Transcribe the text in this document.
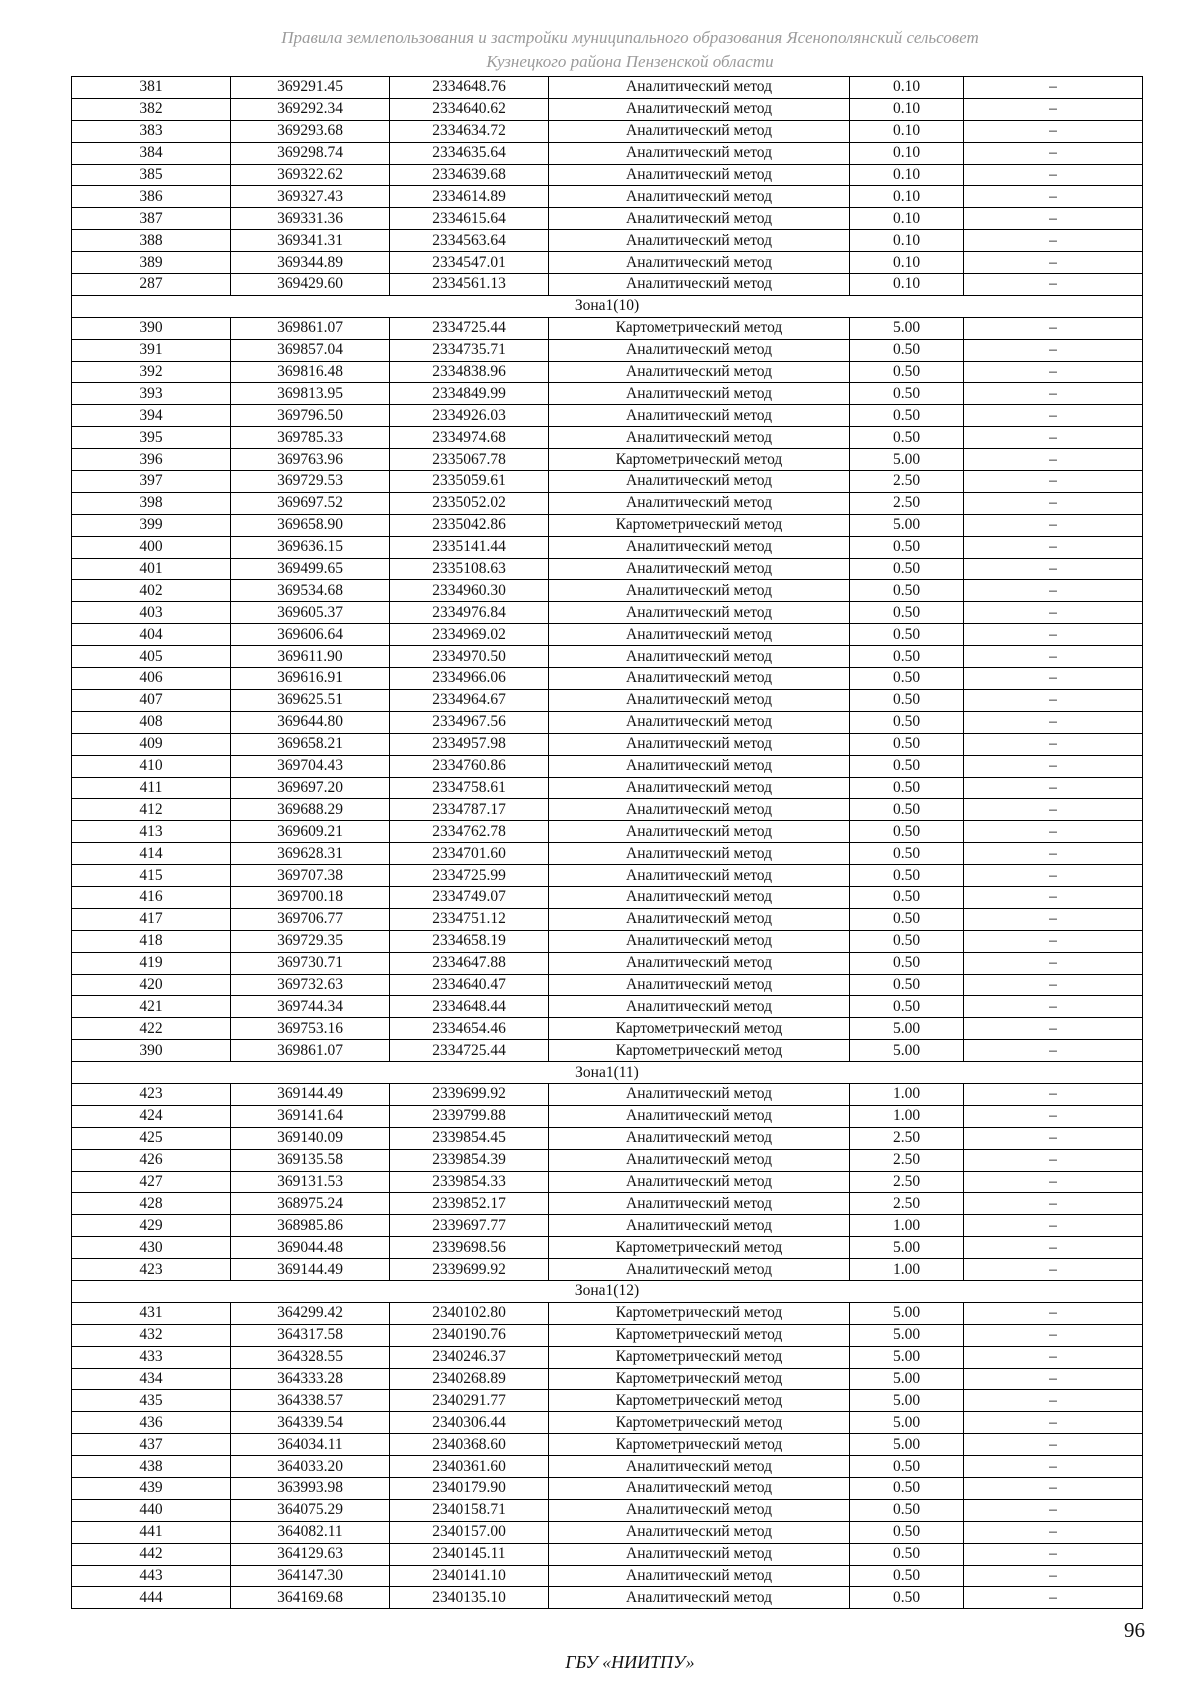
Правила землепользования и застройки муниципального образования Ясенополянский сельсовет
Кузнецкого района Пензенской области
381	369291.45	2334648.76	Аналитический метод	0.10	–
382	369292.34	2334640.62	Аналитический метод	0.10	–
383	369293.68	2334634.72	Аналитический метод	0.10	–
384	369298.74	2334635.64	Аналитический метод	0.10	–
385	369322.62	2334639.68	Аналитический метод	0.10	–
386	369327.43	2334614.89	Аналитический метод	0.10	–
387	369331.36	2334615.64	Аналитический метод	0.10	–
388	369341.31	2334563.64	Аналитический метод	0.10	–
389	369344.89	2334547.01	Аналитический метод	0.10	–
287	369429.60	2334561.13	Аналитический метод	0.10	–
Зона1(10)					
390	369861.07	2334725.44	Картометрический метод	5.00	–
391	369857.04	2334735.71	Аналитический метод	0.50	–
392	369816.48	2334838.96	Аналитический метод	0.50	–
393	369813.95	2334849.99	Аналитический метод	0.50	–
394	369796.50	2334926.03	Аналитический метод	0.50	–
395	369785.33	2334974.68	Аналитический метод	0.50	–
396	369763.96	2335067.78	Картометрический метод	5.00	–
397	369729.53	2335059.61	Аналитический метод	2.50	–
398	369697.52	2335052.02	Аналитический метод	2.50	–
399	369658.90	2335042.86	Картометрический метод	5.00	–
400	369636.15	2335141.44	Аналитический метод	0.50	–
401	369499.65	2335108.63	Аналитический метод	0.50	–
402	369534.68	2334960.30	Аналитический метод	0.50	–
403	369605.37	2334976.84	Аналитический метод	0.50	–
404	369606.64	2334969.02	Аналитический метод	0.50	–
405	369611.90	2334970.50	Аналитический метод	0.50	–
406	369616.91	2334966.06	Аналитический метод	0.50	–
407	369625.51	2334964.67	Аналитический метод	0.50	–
408	369644.80	2334967.56	Аналитический метод	0.50	–
409	369658.21	2334957.98	Аналитический метод	0.50	–
410	369704.43	2334760.86	Аналитический метод	0.50	–
411	369697.20	2334758.61	Аналитический метод	0.50	–
412	369688.29	2334787.17	Аналитический метод	0.50	–
413	369609.21	2334762.78	Аналитический метод	0.50	–
414	369628.31	2334701.60	Аналитический метод	0.50	–
415	369707.38	2334725.99	Аналитический метод	0.50	–
416	369700.18	2334749.07	Аналитический метод	0.50	–
417	369706.77	2334751.12	Аналитический метод	0.50	–
418	369729.35	2334658.19	Аналитический метод	0.50	–
419	369730.71	2334647.88	Аналитический метод	0.50	–
420	369732.63	2334640.47	Аналитический метод	0.50	–
421	369744.34	2334648.44	Аналитический метод	0.50	–
422	369753.16	2334654.46	Картометрический метод	5.00	–
390	369861.07	2334725.44	Картометрический метод	5.00	–
Зона1(11)					
423	369144.49	2339699.92	Аналитический метод	1.00	–
424	369141.64	2339799.88	Аналитический метод	1.00	–
425	369140.09	2339854.45	Аналитический метод	2.50	–
426	369135.58	2339854.39	Аналитический метод	2.50	–
427	369131.53	2339854.33	Аналитический метод	2.50	–
428	368975.24	2339852.17	Аналитический метод	2.50	–
429	368985.86	2339697.77	Аналитический метод	1.00	–
430	369044.48	2339698.56	Картометрический метод	5.00	–
423	369144.49	2339699.92	Аналитический метод	1.00	–
Зона1(12)					
431	364299.42	2340102.80	Картометрический метод	5.00	–
432	364317.58	2340190.76	Картометрический метод	5.00	–
433	364328.55	2340246.37	Картометрический метод	5.00	–
434	364333.28	2340268.89	Картометрический метод	5.00	–
435	364338.57	2340291.77	Картометрический метод	5.00	–
436	364339.54	2340306.44	Картометрический метод	5.00	–
437	364034.11	2340368.60	Картометрический метод	5.00	–
438	364033.20	2340361.60	Аналитический метод	0.50	–
439	363993.98	2340179.90	Аналитический метод	0.50	–
440	364075.29	2340158.71	Аналитический метод	0.50	–
441	364082.11	2340157.00	Аналитический метод	0.50	–
442	364129.63	2340145.11	Аналитический метод	0.50	–
443	364147.30	2340141.10	Аналитический метод	0.50	–
444	364169.68	2340135.10	Аналитический метод	0.50	–
96
ГБУ «НИИТПУ»
